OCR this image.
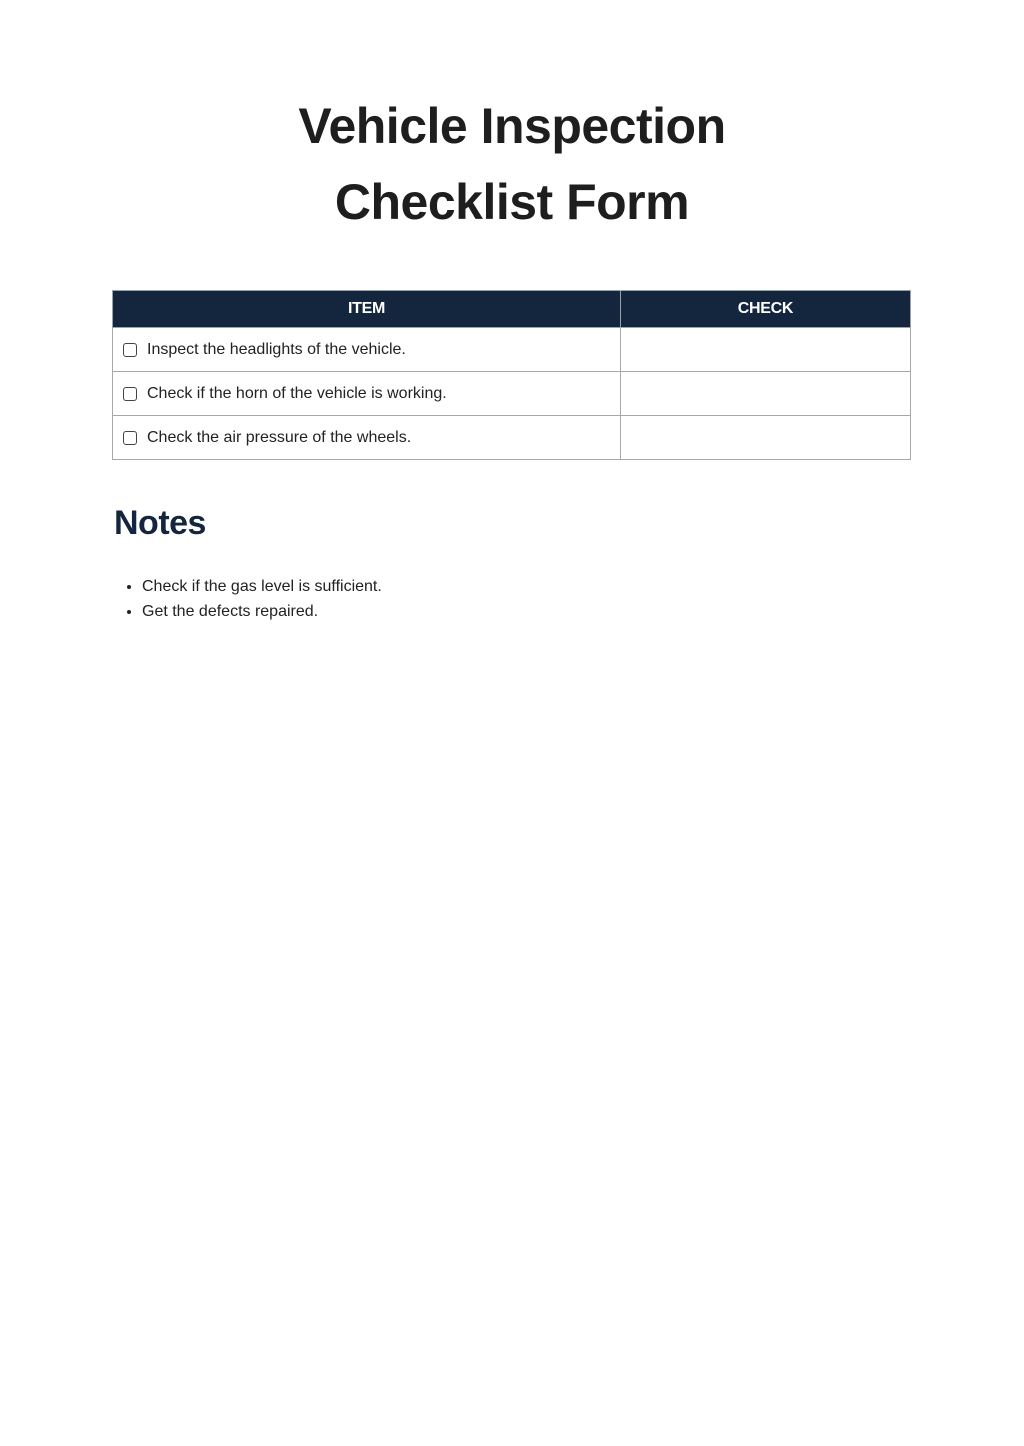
Vehicle Inspection
Checklist Form
ITEM	CHECK

Inspect the headlights of the vehicle.	

Check if the horn of the vehicle is working.	

Check the air pressure of the wheels.	

Notes
• Check if the gas level is sufficient.
• Get the defects repaired.
